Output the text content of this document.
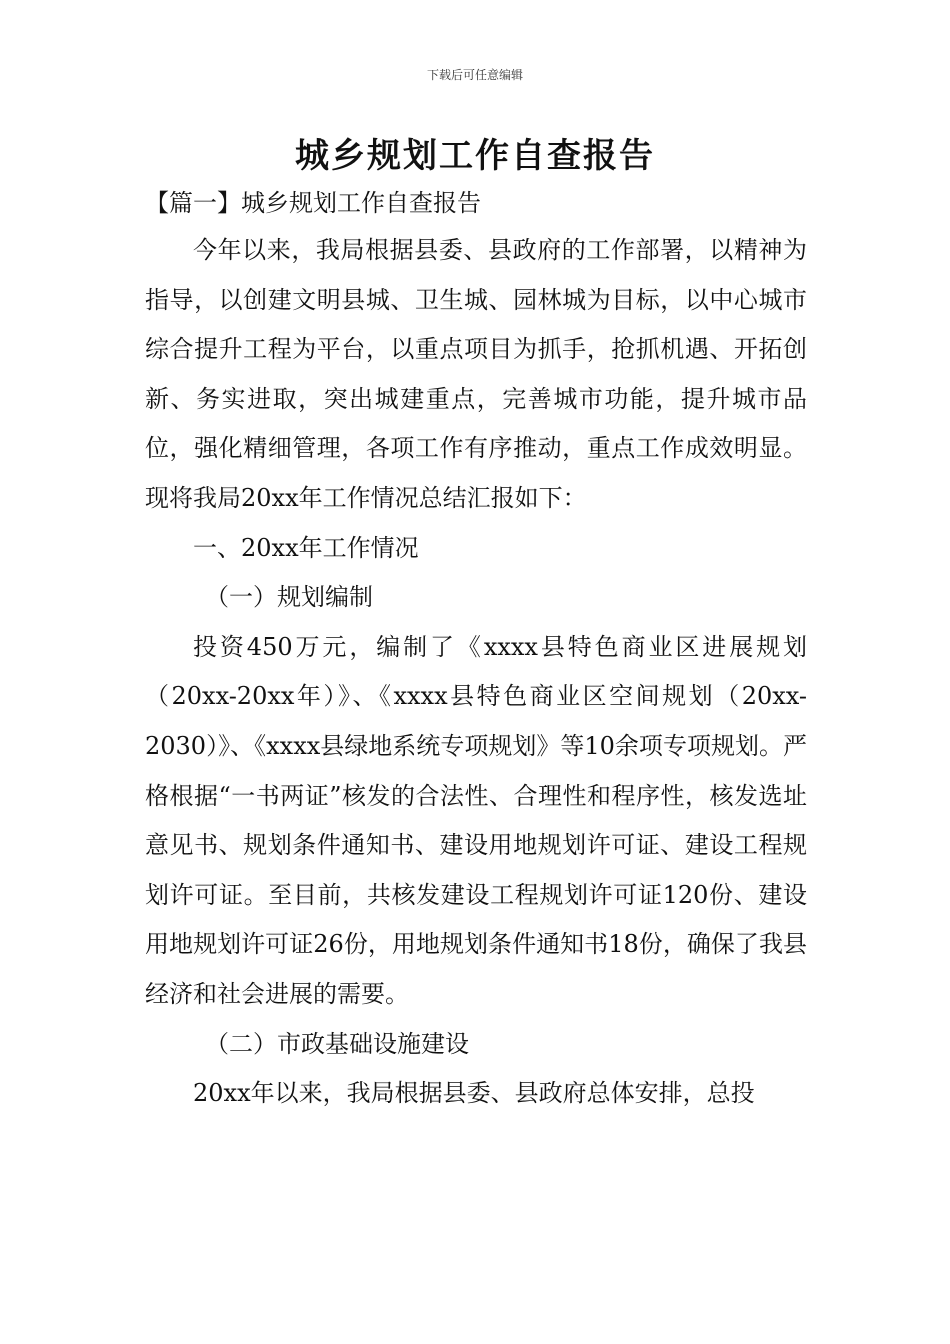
下载后可任意编辑
城乡规划工作自查报告
【篇一】城乡规划工作自查报告

今年以来，我局根据县委、县政府的工作部署，以精神为指导，以创建文明县城、卫生城、园林城为目标，以中心城市综合提升工程为平台，以重点项目为抓手，抢抓机遇、开拓创新、务实进取，突出城建重点，完善城市功能，提升城市品位，强化精细管理，各项工作有序推动，重点工作成效明显。现将我局20xx年工作情况总结汇报如下：

一、20xx年工作情况

（一）规划编制

投资450万元，编制了《xxxx县特色商业区进展规划（20xx-20xx年）》、《xxxx县特色商业区空间规划（20xx-2030）》、《xxxx县绿地系统专项规划》等10余项专项规划。严格根据“一书两证”核发的合法性、合理性和程序性，核发选址意见书、规划条件通知书、建设用地规划许可证、建设工程规划许可证。至目前，共核发建设工程规划许可证120份、建设用地规划许可证26份，用地规划条件通知书18份，确保了我县经济和社会进展的需要。

（二）市政基础设施建设

20xx年以来，我局根据县委、县政府总体安排，总投
